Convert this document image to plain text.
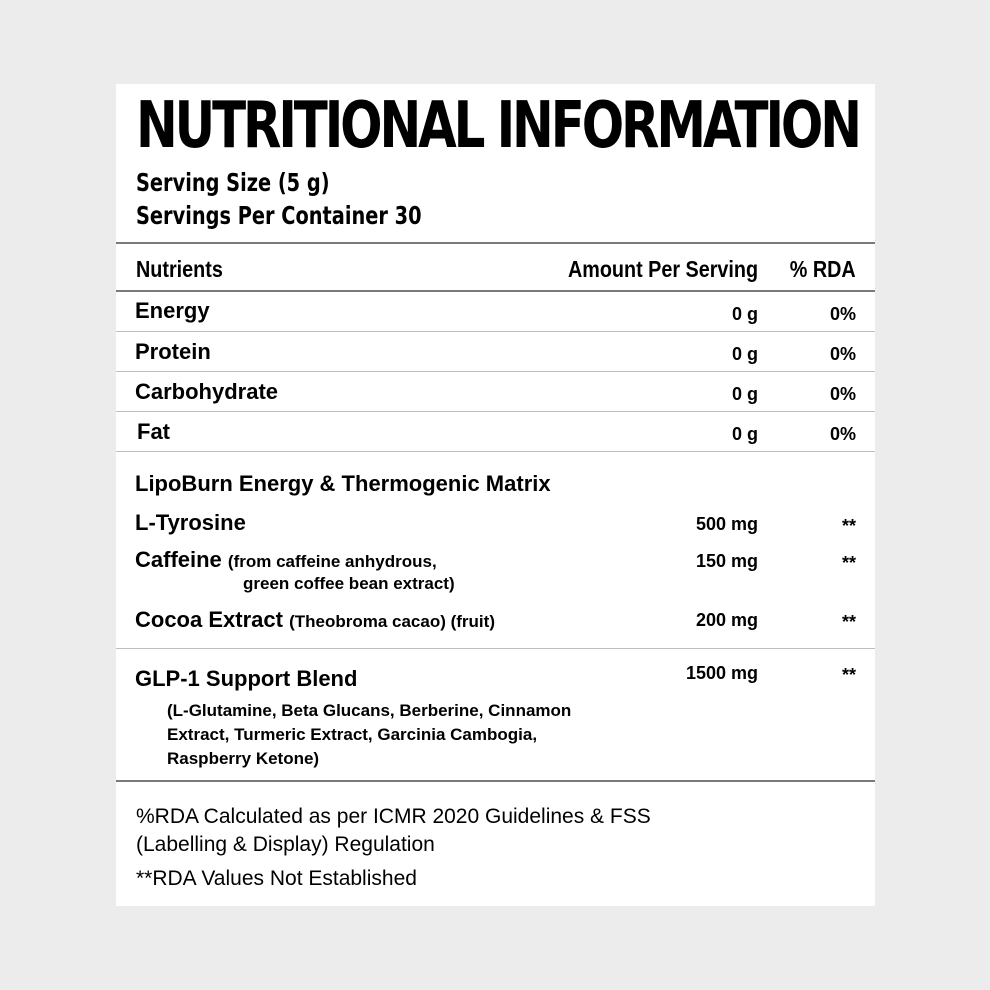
NUTRITIONAL INFORMATION
Serving Size (5 g)
Servings Per Container 30
Nutrients	Amount Per Serving % RDA
Energy	0 g	0%
Protein	0 g	0%
Carbohydrate	0 g	0%
Fat	0 g	0%
LipoBurn Energy & Thermogenic Matrix
L-Tyrosine	500 mg	**
Caffeine (from caffeine anhydrous,
green coffee bean extract)
150 mg	**
Cocoa Extract (Theobroma cacao) (fruit)	200 mg	**
GLP-1 Support Blend	1500 mg	**
(L-Glutamine, Beta Glucans, Berberine, Cinnamon
Extract, Turmeric Extract, Garcinia Cambogia,
Raspberry Ketone)
%RDA Calculated as per ICMR 2020 Guidelines & FSS
(Labelling & Display) Regulation
**RDA Values Not Established
